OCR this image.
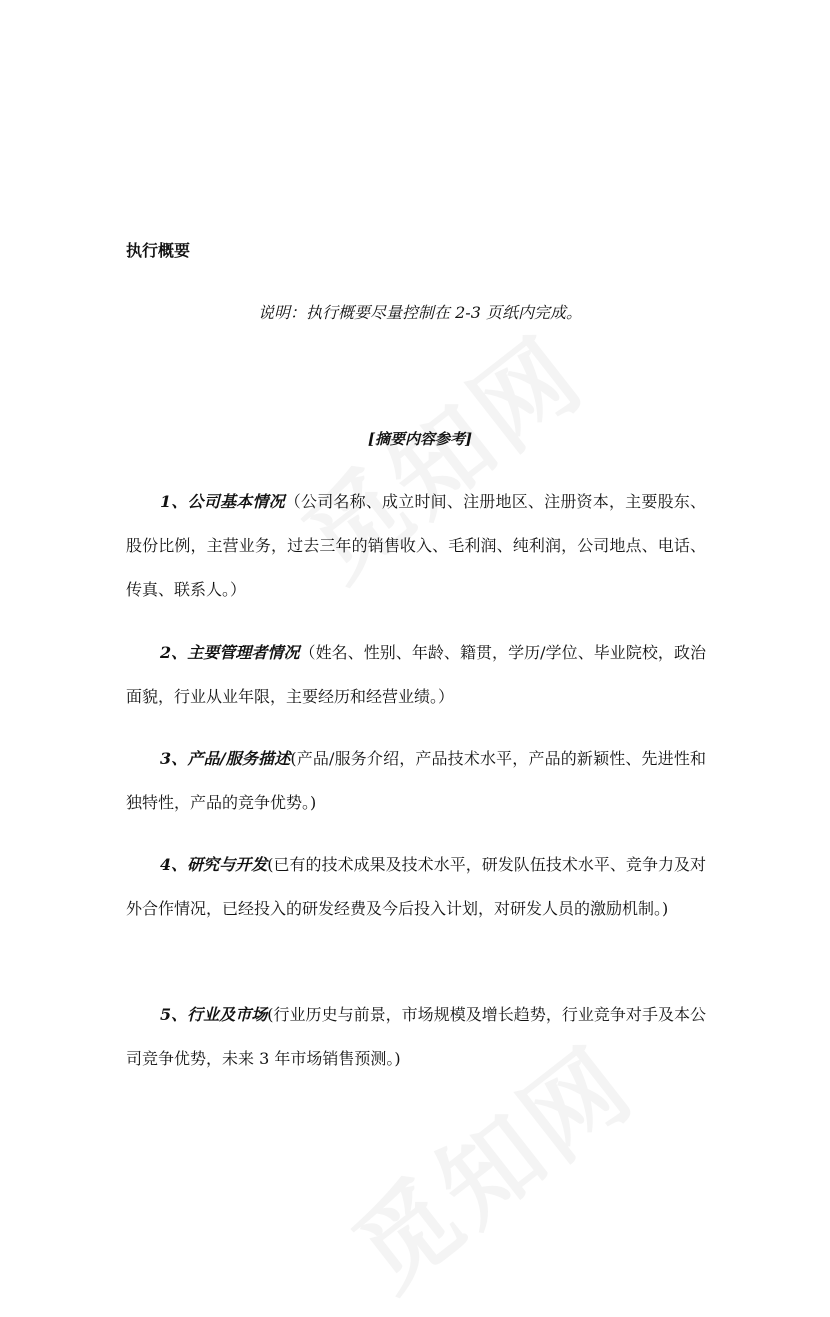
执行概要
说明：执行概要尽量控制在 2-3 页纸内完成。
[摘要内容参考]
1、公司基本情况（公司名称、成立时间、注册地区、注册资本，主要股东、股份比例，主营业务，过去三年的销售收入、毛利润、纯利润，公司地点、电话、传真、联系人。）
2、主要管理者情况（姓名、性别、年龄、籍贯，学历/学位、毕业院校，政治面貌，行业从业年限，主要经历和经营业绩。）
3、产品/服务描述(产品/服务介绍，产品技术水平，产品的新颖性、先进性和独特性，产品的竞争优势。)
4、研究与开发(已有的技术成果及技术水平，研发队伍技术水平、竞争力及对外合作情况，已经投入的研发经费及今后投入计划，对研发人员的激励机制。)
5、行业及市场(行业历史与前景，市场规模及增长趋势，行业竞争对手及本公司竞争优势，未来 3 年市场销售预测。)
